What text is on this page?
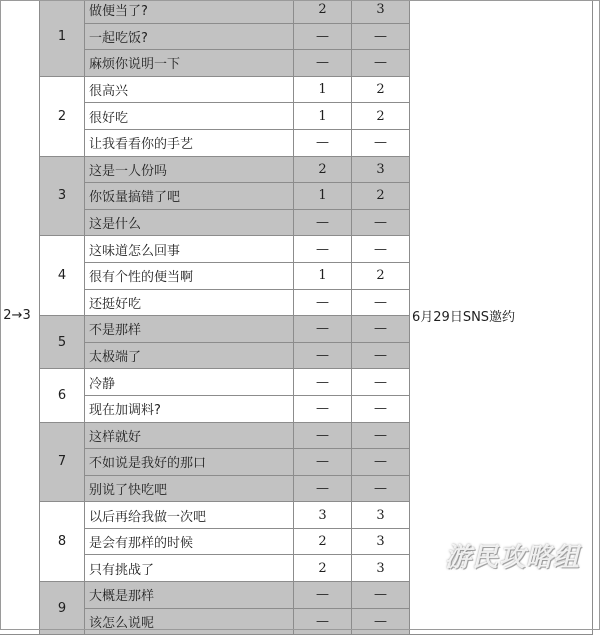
2→3	1	做便当了?	2	3	6月29日SNS邀约
		一起吃饭?	—	—	
		麻烦你说明一下	—	—	
	2	很高兴	1	2	
		很好吃	1	2	
		让我看看你的手艺	—	—	
	3	这是一人份吗	2	3	
		你饭量搞错了吧	1	2	
		这是什么	—	—	
	4	这味道怎么回事	—	—	
		很有个性的便当啊	1	2	
		还挺好吃	—	—	
	5	不是那样	—	—	
		太极端了	—	—	
	6	冷静	—	—	
		现在加调料?	—	—	
	7	这样就好	—	—	
		不如说是我好的那口	—	—	
		别说了快吃吧	—	—	
	8	以后再给我做一次吧	3	3	
		是会有那样的时候	2	3	
		只有挑战了	2	3	
	9	大概是那样	—	—	
		该怎么说呢	—	—	
游民攻略组
